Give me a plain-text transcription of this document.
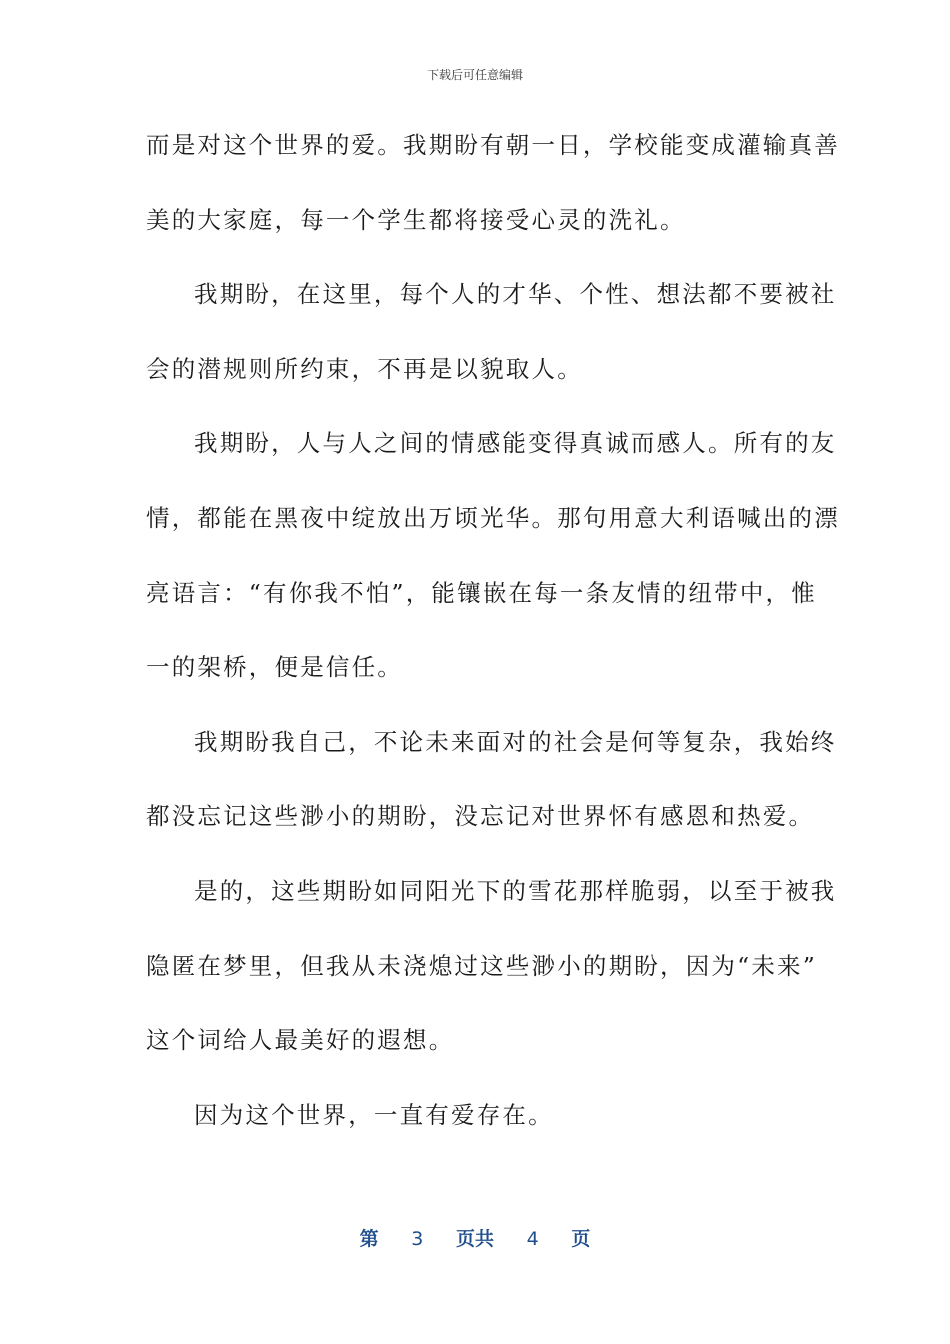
下载后可任意编辑
而是对这个世界的爱。我期盼有朝一日，学校能变成灌输真善
美的大家庭，每一个学生都将接受心灵的洗礼。
我期盼，在这里，每个人的才华、个性、想法都不要被社
会的潜规则所约束，不再是以貌取人。
我期盼，人与人之间的情感能变得真诚而感人。所有的友
情，都能在黑夜中绽放出万顷光华。那句用意大利语喊出的漂
亮语言：“有你我不怕”，能镶嵌在每一条友情的纽带中，惟
一的架桥，便是信任。
我期盼我自己，不论未来面对的社会是何等复杂，我始终
都没忘记这些渺小的期盼，没忘记对世界怀有感恩和热爱。
是的，这些期盼如同阳光下的雪花那样脆弱，以至于被我
隐匿在梦里，但我从未浇熄过这些渺小的期盼，因为“未来”
这个词给人最美好的遐想。
因为这个世界，一直有爱存在。
第 3 页共 4 页
